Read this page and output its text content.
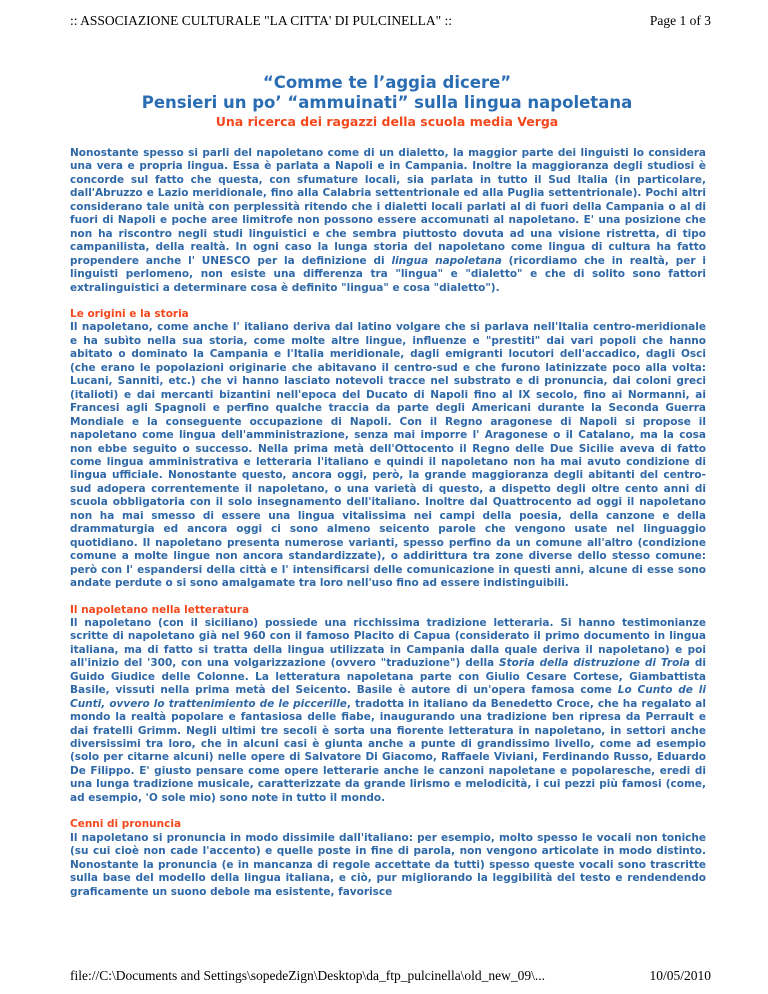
:: ASSOCIAZIONE CULTURALE "LA CITTA' DI PULCINELLA" ::	Page 1 of 3
“Comme te l’aggia dicere”
Pensieri un po’ “ammuinati” sulla lingua napoletana
Una ricerca dei ragazzi della scuola media Verga

Nonostante spesso si parli del napoletano come di un dialetto, la maggior parte dei linguisti lo considera una vera e propria lingua. Essa è parlata a Napoli e in Campania. Inoltre la maggioranza degli studiosi è concorde sul fatto che questa, con sfumature locali, sia parlata in tutto il Sud Italia (in particolare, dall'Abruzzo e Lazio meridionale, fino alla Calabria settentrionale ed alla Puglia settentrionale). Pochi altri considerano tale unità con perplessità ritendo che i dialetti locali parlati al di fuori della Campania o al di fuori di Napoli e poche aree limitrofe non possono essere accomunati al napoletano. E' una posizione che non ha riscontro negli studi linguistici e che sembra piuttosto dovuta ad una visione ristretta, di tipo campanilista, della realtà. In ogni caso la lunga storia del napoletano come lingua di cultura ha fatto propendere anche l' UNESCO per la definizione di lingua napoletana (ricordiamo che in realtà, per i linguisti perlomeno, non esiste una differenza tra "lingua" e "dialetto" e che di solito sono fattori extralinguistici a determinare cosa è definito "lingua" e cosa "dialetto").

Le origini e la storia

Il napoletano, come anche l' italiano deriva dal latino volgare che si parlava nell'Italia centro-meridionale e ha subìto nella sua storia, come molte altre lingue, influenze e "prestiti" dai vari popoli che hanno abitato o dominato la Campania e l'Italia meridionale, dagli emigranti locutori dell'accadico, dagli Osci (che erano le popolazioni originarie che abitavano il centro-sud e che furono latinizzate poco alla volta: Lucani, Sanniti, etc.) che vi hanno lasciato notevoli tracce nel substrato e di pronuncia, dai coloni greci (italioti) e dai mercanti bizantini nell'epoca del Ducato di Napoli fino al IX secolo, fino ai Normanni, ai Francesi agli Spagnoli e perfino qualche traccia da parte degli Americani durante la Seconda Guerra Mondiale e la conseguente occupazione di Napoli. Con il Regno aragonese di Napoli si propose il napoletano come lingua dell'amministrazione, senza mai imporre l' Aragonese o il Catalano, ma la cosa non ebbe seguito o successo. Nella prima metà dell'Ottocento il Regno delle Due Sicilie aveva di fatto come lingua amministrativa e letteraria l'italiano e quindi il napoletano non ha mai avuto condizione di lingua ufficiale. Nonostante questo, ancora oggi, però, la grande maggioranza degli abitanti del centro-sud adopera correntemente il napoletano, o una varietà di questo, a dispetto degli oltre cento anni di scuola obbligatoria con il solo insegnamento dell'italiano. Inoltre dal Quattrocento ad oggi il napoletano non ha mai smesso di essere una lingua vitalissima nei campi della poesia, della canzone e della drammaturgia ed ancora oggi ci sono almeno seicento parole che vengono usate nel linguaggio quotidiano. Il napoletano presenta numerose varianti, spesso perfino da un comune all'altro (condizione comune a molte lingue non ancora standardizzate), o addirittura tra zone diverse dello stesso comune: però con l' espandersi della città e l' intensificarsi delle comunicazione in questi anni, alcune di esse sono andate perdute o si sono amalgamate tra loro nell'uso fino ad essere indistinguibili.

Il napoletano nella letteratura

Il napoletano (con il siciliano) possiede una ricchissima tradizione letteraria. Si hanno testimonianze scritte di napoletano già nel 960 con il famoso Placito di Capua (considerato il primo documento in lingua italiana, ma di fatto si tratta della lingua utilizzata in Campania dalla quale deriva il napoletano) e poi all'inizio del '300, con una volgarizzazione (ovvero "traduzione") della Storia della distruzione di Troia di Guido Giudice delle Colonne. La letteratura napoletana parte con Giulio Cesare Cortese, Giambattista Basile, vissuti nella prima metà del Seicento. Basile è autore di un'opera famosa come Lo Cunto de li Cunti, ovvero lo trattenimiento de le piccerille, tradotta in italiano da Benedetto Croce, che ha regalato al mondo la realtà popolare e fantasiosa delle fiabe, inaugurando una tradizione ben ripresa da Perrault e dai fratelli Grimm. Negli ultimi tre secoli è sorta una fiorente letteratura in napoletano, in settori anche diversissimi tra loro, che in alcuni casi è giunta anche a punte di grandissimo livello, come ad esempio (solo per citarne alcuni) nelle opere di Salvatore Di Giacomo, Raffaele Viviani, Ferdinando Russo, Eduardo De Filippo. E' giusto pensare come opere letterarie anche le canzoni napoletane e popolaresche, eredi di una lunga tradizione musicale, caratterizzate da grande lirismo e melodicità, i cui pezzi più famosi (come, ad esempio, 'O sole mio) sono note in tutto il mondo.

Cenni di pronuncia

Il napoletano si pronuncia in modo dissimile dall'italiano: per esempio, molto spesso le vocali non toniche (su cui cioè non cade l'accento) e quelle poste in fine di parola, non vengono articolate in modo distinto. Nonostante la pronuncia (e in mancanza di regole accettate da tutti) spesso queste vocali sono trascritte sulla base del modello della lingua italiana, e ciò, pur migliorando la leggibilità del testo e rendendendo graficamente un suono debole ma esistente, favorisce

file://C:\Documents and Settings\sopedeZign\Desktop\da_ftp_pulcinella\old_new_09\...	10/05/2010
